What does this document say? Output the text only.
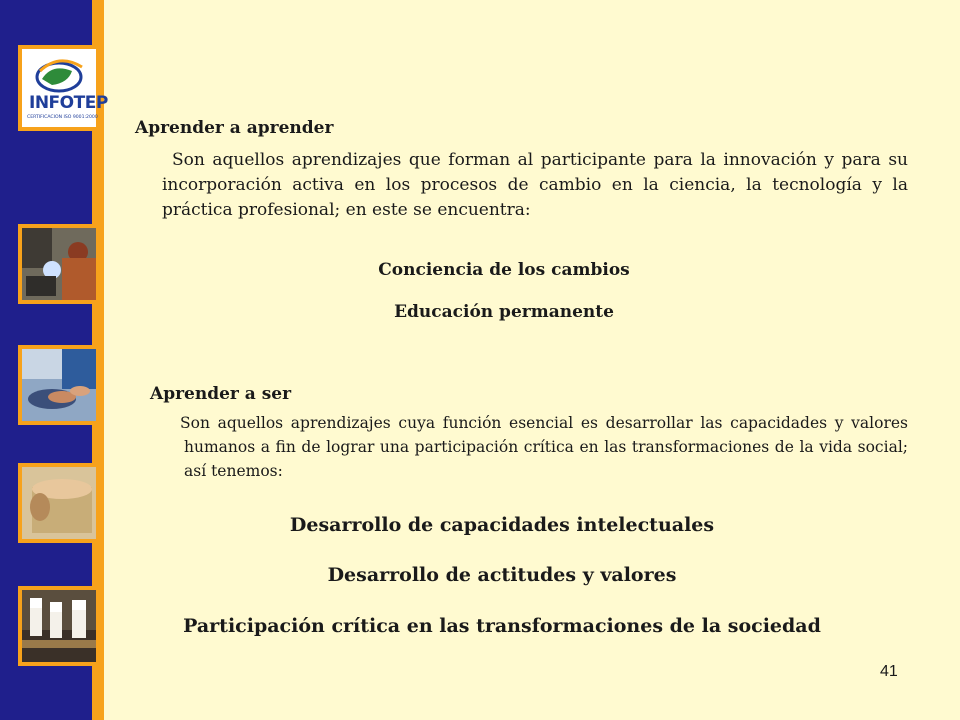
INFOTEP
CERTIFICACION ISO 9001:2000
Aprender a aprender
Son aquellos aprendizajes que forman al participante para la innovación y para su incorporación activa en los procesos de cambio en la ciencia, la tecnología y la práctica profesional; en este se encuentra:
Conciencia de los cambios
Educación permanente
Aprender a ser
Son aquellos aprendizajes cuya función esencial es desarrollar las capacidades y valores humanos a fin de lograr una participación crítica en las transformaciones de la vida social; así tenemos:
Desarrollo de capacidades intelectuales
Desarrollo de actitudes y valores
Participación crítica en las transformaciones de la sociedad
41
